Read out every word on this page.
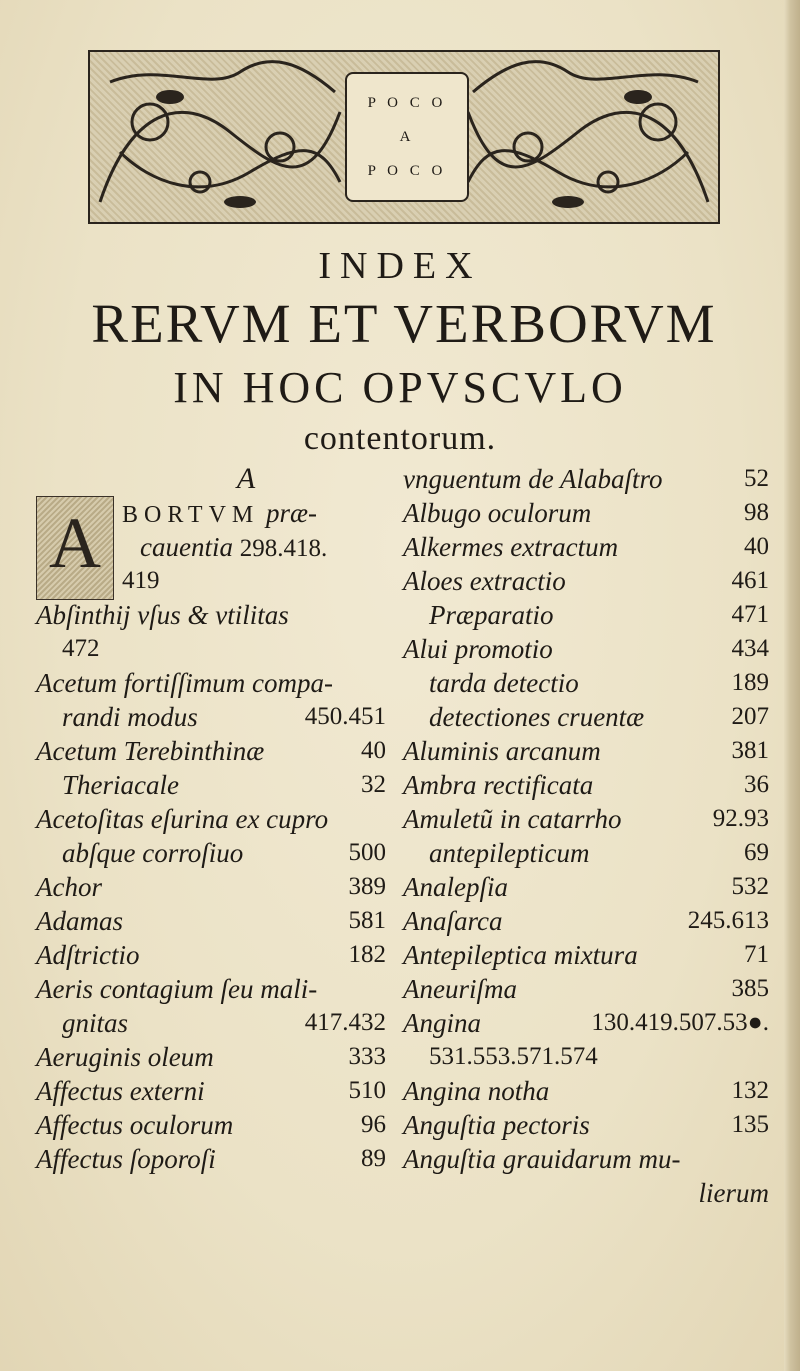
P O C O
A
P O C O
INDEX
RERVM ET VERBORVM
IN HOC OPVSCVLO
contentorum.
A
A BORTVM præ-
cauentia 298.418.
419
Abſinthij vſus & vtilitas
472
Acetum fortiſſimum compa-
randi modus	450.451
Acetum Terebinthinæ	40
Theriacale	32
Acetoſitas eſurina ex cupro
abſque corroſiuo	500
Achor	389
Adamas	581
Adſtrictio	182
Aeris contagium ſeu mali-
gnitas	417.432
Aeruginis oleum	333
Affectus externi	510
Affectus oculorum	96
Affectus ſoporoſi	89
vnguentum de Alabaſtro	52
Albugo oculorum	98
Alkermes extractum	40
Aloes extractio	461
Præparatio	471
Alui promotio	434
tarda detectio	189
detectiones cruentæ	207
Aluminis arcanum	381
Ambra rectificata	36
Amuletũ in catarrho	92.93
antepilepticum	69
Analepſia	532
Anaſarca	245.613
Antepileptica mixtura	71
Aneuriſma	385
Angina	130.419.507.53●.
531.553.571.574
Angina notha	132
Anguſtia pectoris	135
Anguſtia grauidarum mu-
lierum
